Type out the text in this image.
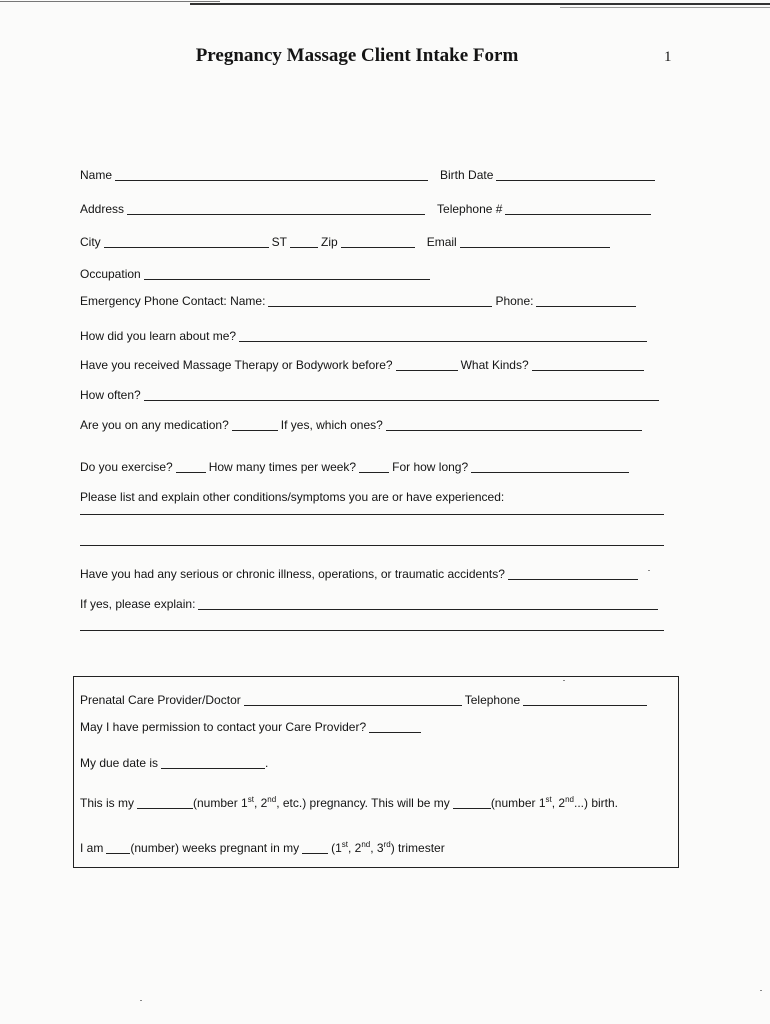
Pregnancy Massage Client Intake Form	1
Name	Birth Date
Address	Telephone #
City	ST	Zip	Email
Occupation
Emergency Phone Contact: Name:	Phone:
How did you learn about me?
Have you received Massage Therapy or Bodywork before?	What Kinds?
How often?
Are you on any medication?	If yes, which ones?
Do you exercise?	How many times per week?	For how long?
Please list and explain other conditions/symptoms you are or have experienced:
Have you had any serious or chronic illness, operations, or traumatic accidents?
If yes, please explain:
Prenatal Care Provider/Doctor	Telephone
May I have permission to contact your Care Provider?
My due date is	.
This is my	(number 1st, 2nd, etc.) pregnancy. This will be my	(number 1st, 2nd...) birth.
I am (number) weeks pregnant in my	(1st, 2nd, 3rd) trimester
